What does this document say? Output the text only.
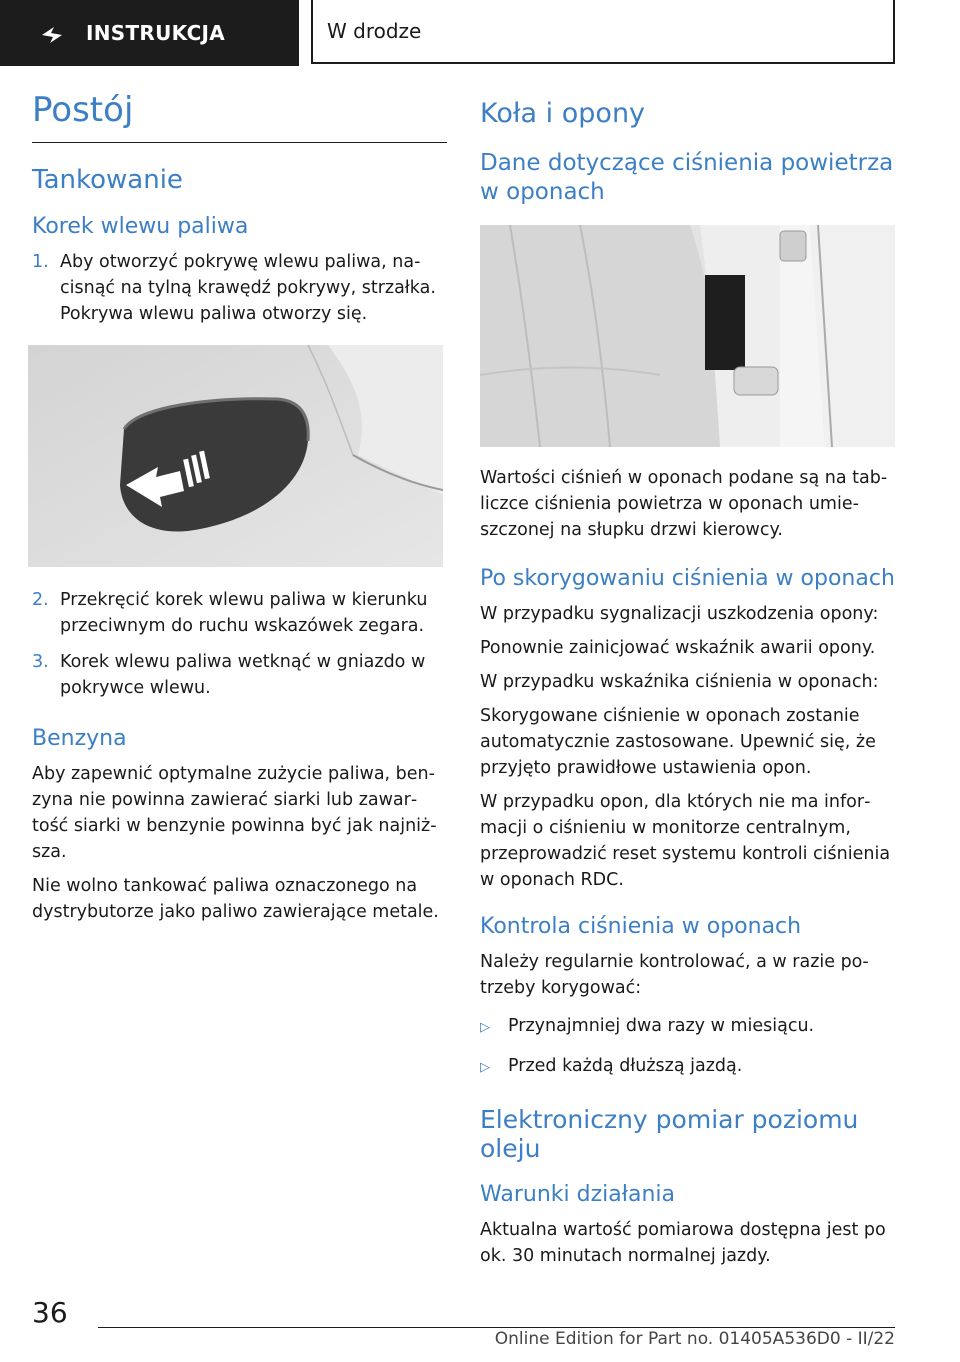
INSTRUKCJA	W drodze
Postój
Tankowanie
Korek wlewu paliwa
1. Aby otworzyć pokrywę wlewu paliwa, nacisnąć na tylną krawędź pokrywy, strzałka. Pokrywa wlewu paliwa otworzy się.
2. Przekręcić korek wlewu paliwa w kierunku przeciwnym do ruchu wskazówek zegara.
3. Korek wlewu paliwa wetknąć w gniazdo w pokrywce wlewu.
Benzyna

Aby zapewnić optymalne zużycie paliwa, benzyna nie powinna zawierać siarki lub zawartość siarki w benzynie powinna być jak najniższa.

Nie wolno tankować paliwa oznaczonego na dystrybutorze jako paliwo zawierające metale.

Koła i opony
Dane dotyczące ciśnienia powietrza w oponach

Wartości ciśnień w oponach podane są na tabliczce ciśnienia powietrza w oponach umieszczonej na słupku drzwi kierowcy.

Po skorygowaniu ciśnienia w oponach

W przypadku sygnalizacji uszkodzenia opony:

Ponownie zainicjować wskaźnik awarii opony.

W przypadku wskaźnika ciśnienia w oponach:

Skorygowane ciśnienie w oponach zostanie automatycznie zastosowane. Upewnić się, że przyjęto prawidłowe ustawienia opon.

W przypadku opon, dla których nie ma informacji o ciśnieniu w monitorze centralnym, przeprowadzić reset systemu kontroli ciśnienia w oponach RDC.

Kontrola ciśnienia w oponach

Należy regularnie kontrolować, a w razie potrzeby korygować:

▷	Przynajmniej dwa razy w miesiącu.
▷	Przed każdą dłuższą jazdą.
Elektroniczny pomiar poziomu oleju
Warunki działania

Aktualna wartość pomiarowa dostępna jest po ok. 30 minutach normalnej jazdy.

36
Online Edition for Part no. 01405A536D0 - II/22
